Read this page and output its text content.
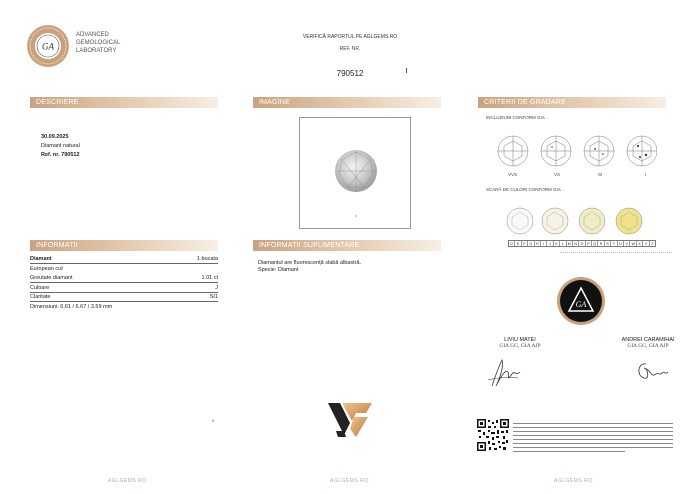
GA
ADVANCED
GEMOLOGICAL
LABORATORY
VERIFICĂ RAPORTUL PE AGLGEMS.RO
REF. NR.
790512
DESCRIERE	IMAGINE	CRITERII DE GRADARE
INFORMATII	INFORMATII SUPLIMENTARE
30.09.2025
Diamant natural
Ref. nr. 790512
INCLUZIUNI CONFORM GIA
VVS	VS	SI	I
SCARĂ DE CULORI CONFORM GIA
D	E	F	G	H	I	J	K	L	M	N	O	P	Q	R	S	T	U	V	W	X	Y	Z
Diamant	1 bucata
European cut
Greutate diamant	1.01 ct
Culoare	J
Claritate	SI1
Dimensiuni: 6.61 / 6.67 / 3.59 mm
Diamantul are fluorescență slabă albastră.
Specie: Diamant
GA
LIVIU MATEI
GIA GG, GIA AJP
ANDREI CARAMIHAI
GIA GG, GIA AJP
*
AGLGEMS.RO	AGLGEMS.RO	AGLGEMS.RO
